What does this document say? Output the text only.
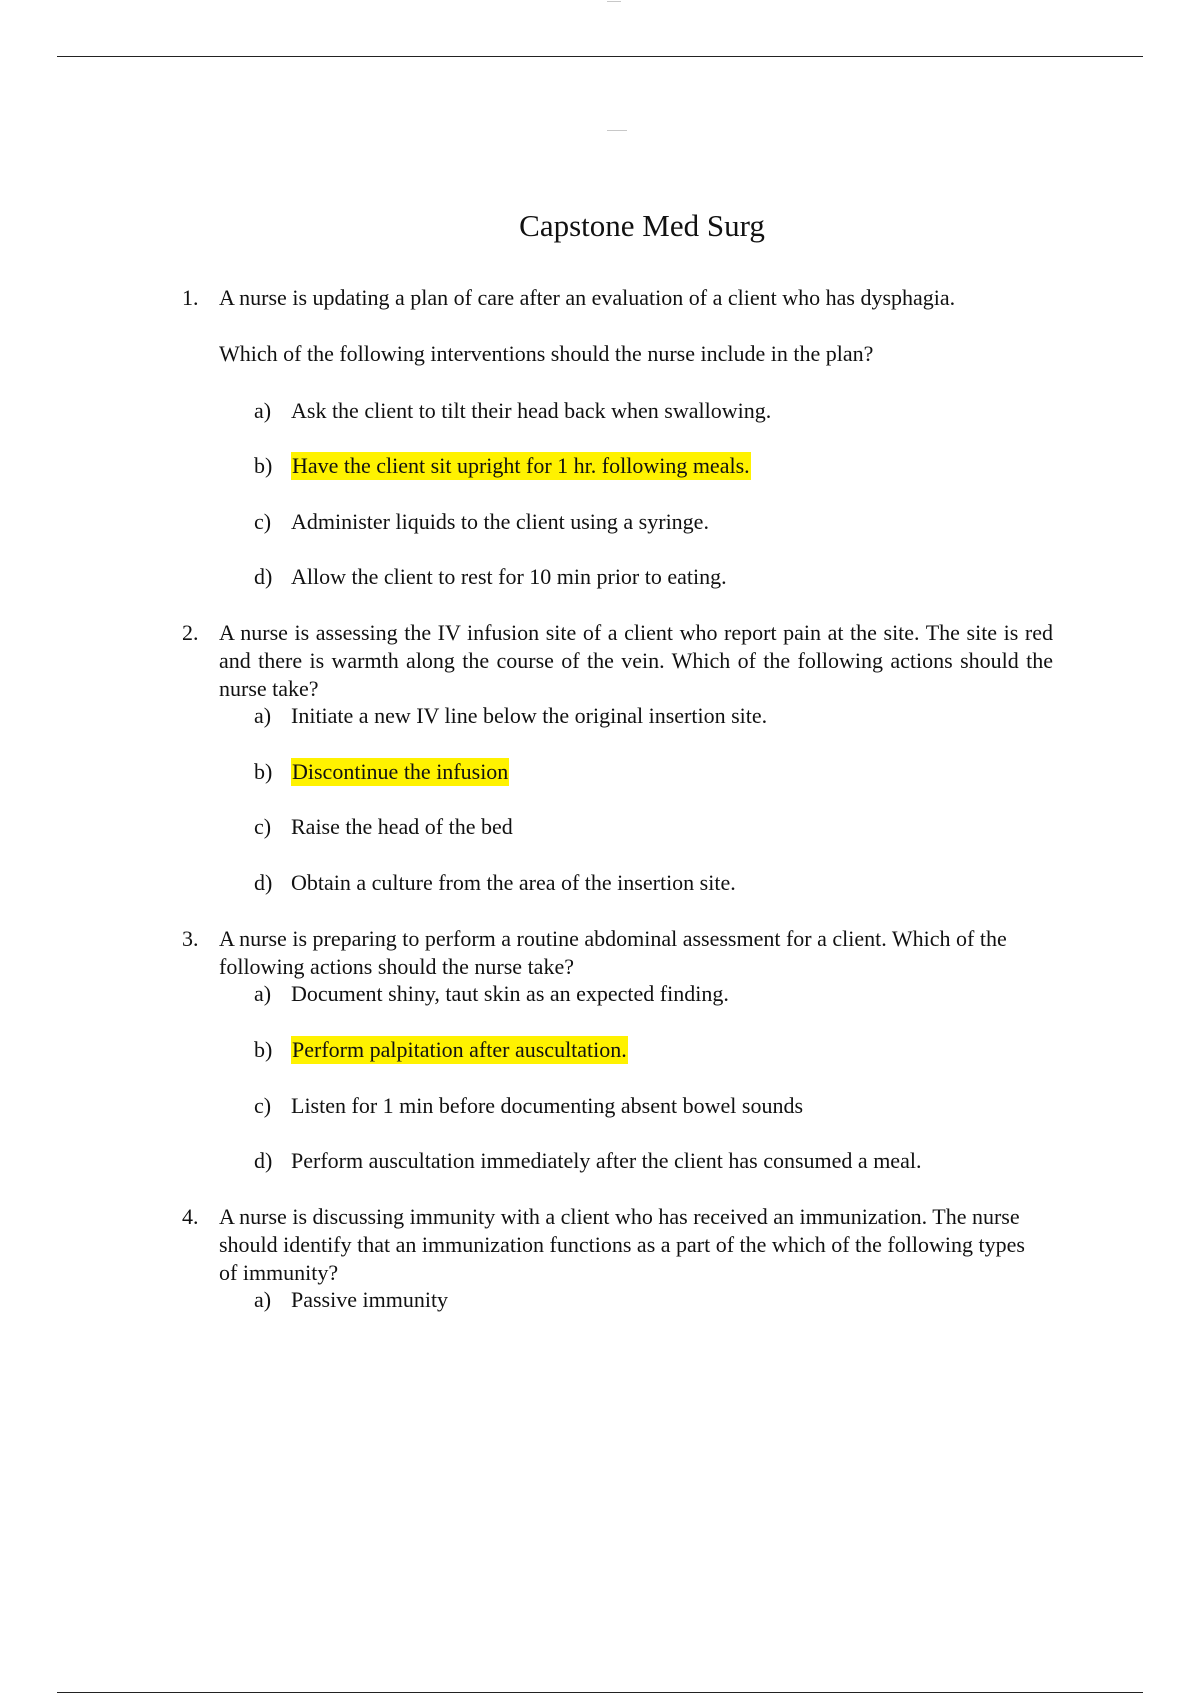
Capstone Med Surg
1. A nurse is updating a plan of care after an evaluation of a client who has dysphagia.
Which of the following interventions should the nurse include in the plan?
a) Ask the client to tilt their head back when swallowing.
b) Have the client sit upright for 1 hr. following meals.
c) Administer liquids to the client using a syringe.
d) Allow the client to rest for 10 min prior to eating.
2. A nurse is assessing the IV infusion site of a client who report pain at the site. The site is red and there is warmth along the course of the vein. Which of the following actions should the nurse take?
a) Initiate a new IV line below the original insertion site.
b) Discontinue the infusion
c) Raise the head of the bed
d) Obtain a culture from the area of the insertion site.
3. A nurse is preparing to perform a routine abdominal assessment for a client. Which of the following actions should the nurse take?
a) Document shiny, taut skin as an expected finding.
b) Perform palpitation after auscultation.
c) Listen for 1 min before documenting absent bowel sounds
d) Perform auscultation immediately after the client has consumed a meal.
4. A nurse is discussing immunity with a client who has received an immunization. The nurse should identify that an immunization functions as a part of the which of the following types of immunity?
a) Passive immunity
